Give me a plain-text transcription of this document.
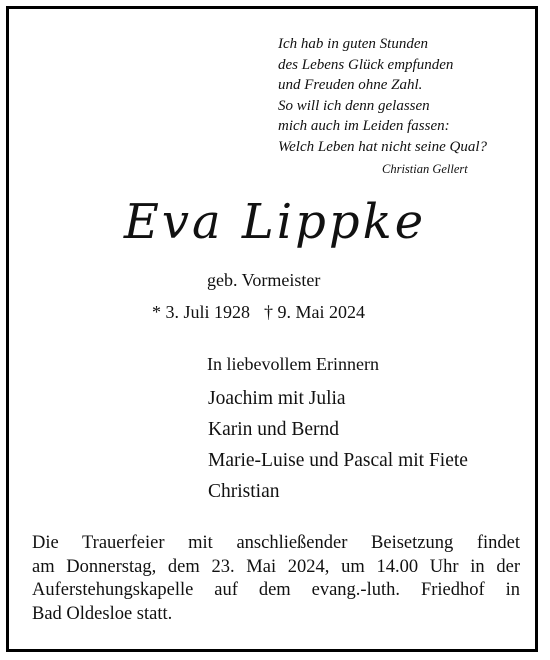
Ich hab in guten Stunden
des Lebens Glück empfunden
und Freuden ohne Zahl.
So will ich denn gelassen
mich auch im Leiden fassen:
Welch Leben hat nicht seine Qual?
Christian Gellert
Eva Lippke
geb. Vormeister
* 3. Juli 1928 † 9. Mai 2024
In liebevollem Erinnern
Joachim mit Julia
Karin und Bernd
Marie-Luise und Pascal mit Fiete
Christian
Die Trauerfeier mit anschließender Beisetzung findet
am Donnerstag, dem 23. Mai 2024, um 14.00 Uhr in der
Auferstehungskapelle auf dem evang.-luth. Friedhof in
Bad Oldesloe statt.
